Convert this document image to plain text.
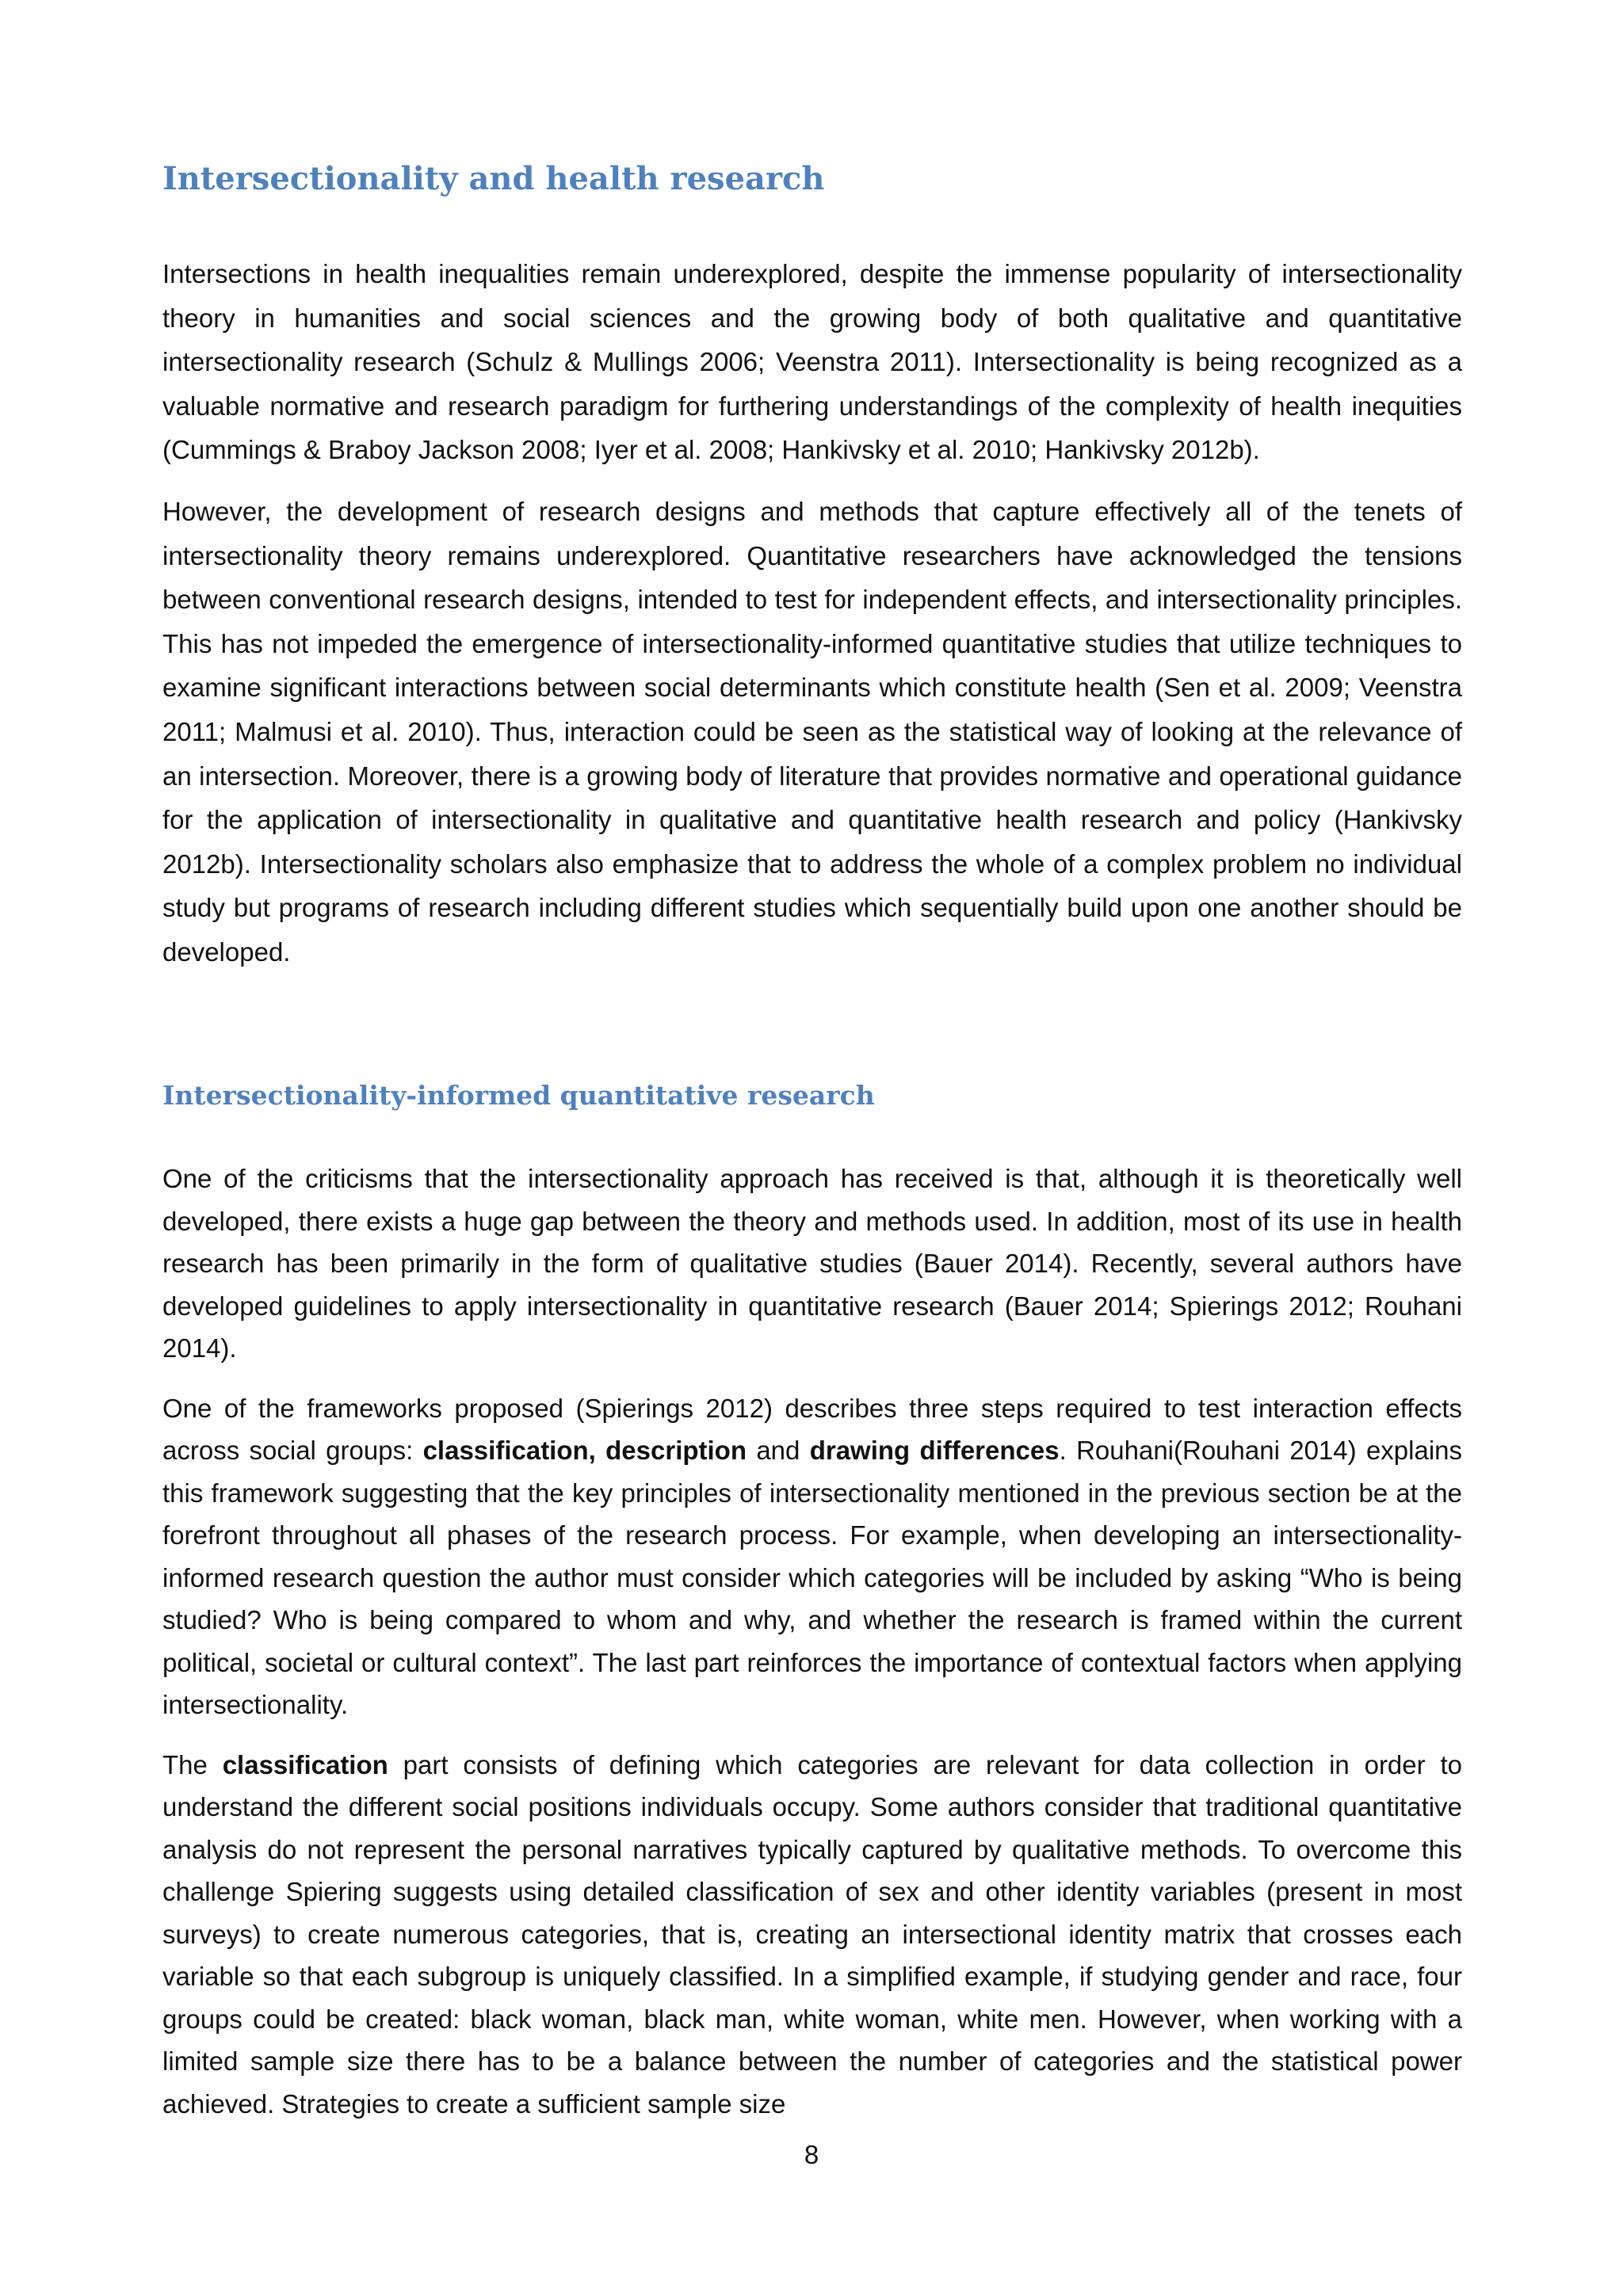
Intersectionality and health research

Intersections in health inequalities remain underexplored, despite the immense popularity of intersectionality theory in humanities and social sciences and the growing body of both qualitative and quantitative intersectionality research (Schulz & Mullings 2006; Veenstra 2011). Intersectionality is being recognized as a valuable normative and research paradigm for furthering understandings of the complexity of health inequities (Cummings & Braboy Jackson 2008; Iyer et al. 2008; Hankivsky et al. 2010; Hankivsky 2012b).

However, the development of research designs and methods that capture effectively all of the tenets of intersectionality theory remains underexplored. Quantitative researchers have acknowledged the tensions between conventional research designs, intended to test for independent effects, and intersectionality principles. This has not impeded the emergence of intersectionality-informed quantitative studies that utilize techniques to examine significant interactions between social determinants which constitute health (Sen et al. 2009; Veenstra 2011; Malmusi et al. 2010). Thus, interaction could be seen as the statistical way of looking at the relevance of an intersection. Moreover, there is a growing body of literature that provides normative and operational guidance for the application of intersectionality in qualitative and quantitative health research and policy (Hankivsky 2012b). Intersectionality scholars also emphasize that to address the whole of a complex problem no individual study but programs of research including different studies which sequentially build upon one another should be developed.

Intersectionality-informed quantitative research

One of the criticisms that the intersectionality approach has received is that, although it is theoretically well developed, there exists a huge gap between the theory and methods used. In addition, most of its use in health research has been primarily in the form of qualitative studies (Bauer 2014). Recently, several authors have developed guidelines to apply intersectionality in quantitative research (Bauer 2014; Spierings 2012; Rouhani 2014).

One of the frameworks proposed (Spierings 2012) describes three steps required to test interaction effects across social groups: classification, description and drawing differences. Rouhani(Rouhani 2014) explains this framework suggesting that the key principles of intersectionality mentioned in the previous section be at the forefront throughout all phases of the research process. For example, when developing an intersectionality-informed research question the author must consider which categories will be included by asking “Who is being studied? Who is being compared to whom and why, and whether the research is framed within the current political, societal or cultural context”. The last part reinforces the importance of contextual factors when applying intersectionality.

The classification part consists of defining which categories are relevant for data collection in order to understand the different social positions individuals occupy. Some authors consider that traditional quantitative analysis do not represent the personal narratives typically captured by qualitative methods. To overcome this challenge Spiering suggests using detailed classification of sex and other identity variables (present in most surveys) to create numerous categories, that is, creating an intersectional identity matrix that crosses each variable so that each subgroup is uniquely classified. In a simplified example, if studying gender and race, four groups could be created: black woman, black man, white woman, white men. However, when working with a limited sample size there has to be a balance between the number of categories and the statistical power achieved. Strategies to create a sufficient sample size

8
